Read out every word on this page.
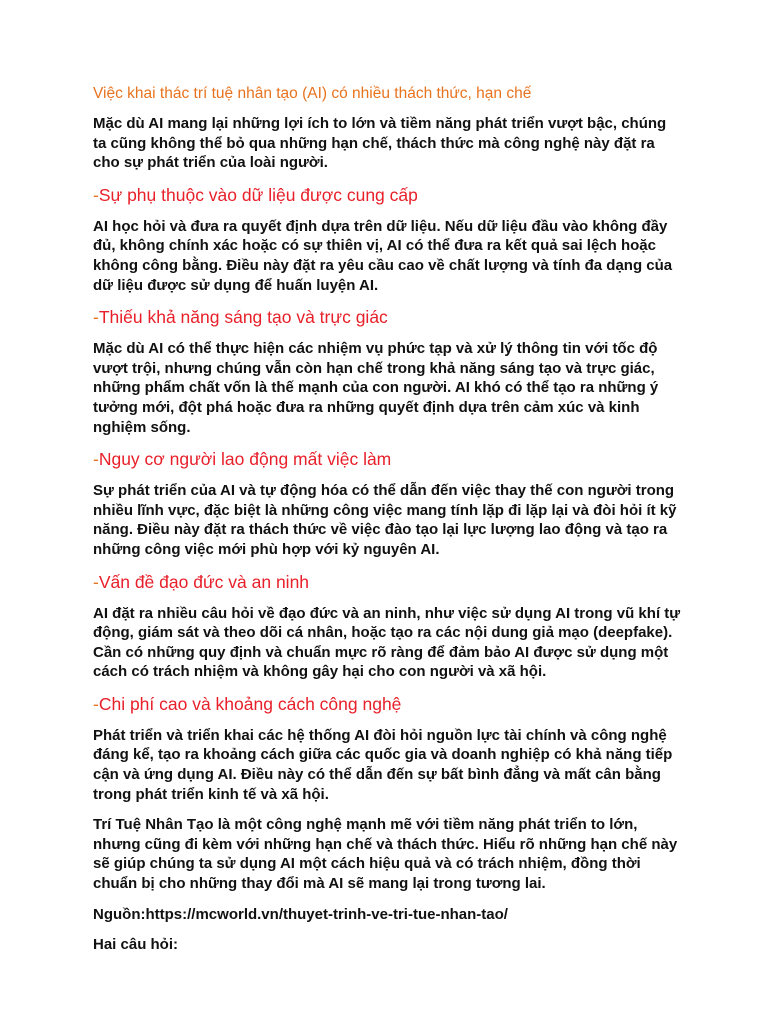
Việc khai thác trí tuệ nhân tạo (AI) có nhiều thách thức, hạn chế

Mặc dù AI mang lại những lợi ích to lớn và tiềm năng phát triển vượt bậc, chúng ta cũng không thể bỏ qua những hạn chế, thách thức mà công nghệ này đặt ra cho sự phát triển của loài người.

-Sự phụ thuộc vào dữ liệu được cung cấp

AI học hỏi và đưa ra quyết định dựa trên dữ liệu. Nếu dữ liệu đầu vào không đầy đủ, không chính xác hoặc có sự thiên vị, AI có thể đưa ra kết quả sai lệch hoặc không công bằng. Điều này đặt ra yêu cầu cao về chất lượng và tính đa dạng của dữ liệu được sử dụng để huấn luyện AI.

-Thiếu khả năng sáng tạo và trực giác

Mặc dù AI có thể thực hiện các nhiệm vụ phức tạp và xử lý thông tin với tốc độ vượt trội, nhưng chúng vẫn còn hạn chế trong khả năng sáng tạo và trực giác, những phẩm chất vốn là thế mạnh của con người. AI khó có thể tạo ra những ý tưởng mới, đột phá hoặc đưa ra những quyết định dựa trên cảm xúc và kinh nghiệm sống.

-Nguy cơ người lao động mất việc làm

Sự phát triển của AI và tự động hóa có thể dẫn đến việc thay thế con người trong nhiều lĩnh vực, đặc biệt là những công việc mang tính lặp đi lặp lại và đòi hỏi ít kỹ năng. Điều này đặt ra thách thức về việc đào tạo lại lực lượng lao động và tạo ra những công việc mới phù hợp với kỷ nguyên AI.

-Vấn đề đạo đức và an ninh

AI đặt ra nhiều câu hỏi về đạo đức và an ninh, như việc sử dụng AI trong vũ khí tự động, giám sát và theo dõi cá nhân, hoặc tạo ra các nội dung giả mạo (deepfake). Cần có những quy định và chuẩn mực rõ ràng để đảm bảo AI được sử dụng một cách có trách nhiệm và không gây hại cho con người và xã hội.

-Chi phí cao và khoảng cách công nghệ

Phát triển và triển khai các hệ thống AI đòi hỏi nguồn lực tài chính và công nghệ đáng kể, tạo ra khoảng cách giữa các quốc gia và doanh nghiệp có khả năng tiếp cận và ứng dụng AI. Điều này có thể dẫn đến sự bất bình đẳng và mất cân bằng trong phát triển kinh tế và xã hội.

Trí Tuệ Nhân Tạo là một công nghệ mạnh mẽ với tiềm năng phát triển to lớn, nhưng cũng đi kèm với những hạn chế và thách thức. Hiểu rõ những hạn chế này sẽ giúp chúng ta sử dụng AI một cách hiệu quả và có trách nhiệm, đồng thời chuẩn bị cho những thay đổi mà AI sẽ mang lại trong tương lai.

Nguồn:https://mcworld.vn/thuyet-trinh-ve-tri-tue-nhan-tao/

Hai câu hỏi:
